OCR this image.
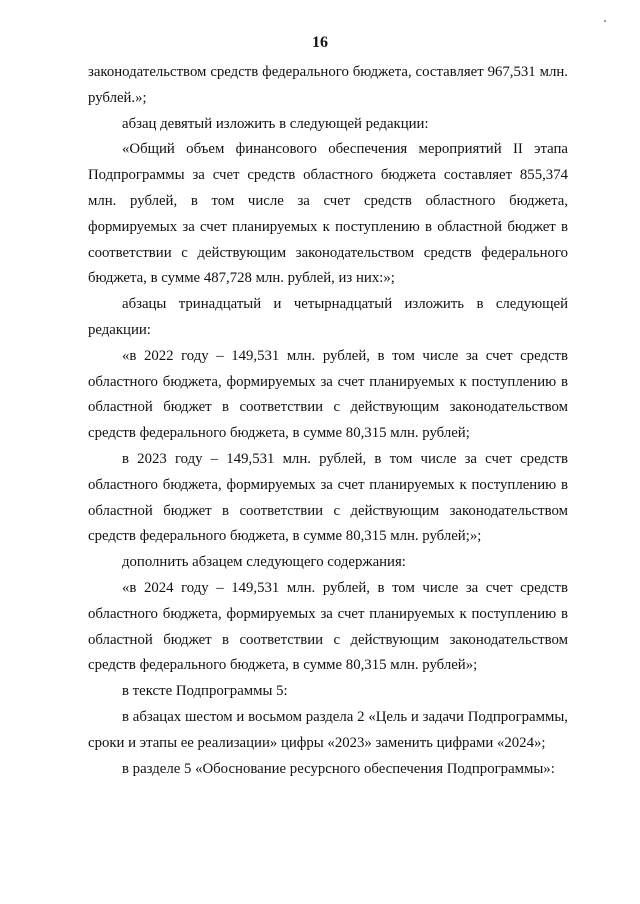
16

законодательством средств федерального бюджета, составляет 967,531 млн. рублей.»;

абзац девятый изложить в следующей редакции:

«Общий объем финансового обеспечения мероприятий II этапа Подпрограммы за счет средств областного бюджета составляет 855,374 млн. рублей, в том числе за счет средств областного бюджета, формируемых за счет планируемых к поступлению в областной бюджет в соответствии с действующим законодательством средств федерального бюджета, в сумме 487,728 млн. рублей, из них:»;

абзацы тринадцатый и четырнадцатый изложить в следующей редакции:

«в 2022 году – 149,531 млн. рублей, в том числе за счет средств областного бюджета, формируемых за счет планируемых к поступлению в областной бюджет в соответствии с действующим законодательством средств федерального бюджета, в сумме 80,315 млн. рублей;

в 2023 году – 149,531 млн. рублей, в том числе за счет средств областного бюджета, формируемых за счет планируемых к поступлению в областной бюджет в соответствии с действующим законодательством средств федерального бюджета, в сумме 80,315 млн. рублей;»;

дополнить абзацем следующего содержания:

«в 2024 году – 149,531 млн. рублей, в том числе за счет средств областного бюджета, формируемых за счет планируемых к поступлению в областной бюджет в соответствии с действующим законодательством средств федерального бюджета, в сумме 80,315 млн. рублей»;

в тексте Подпрограммы 5:

в абзацах шестом и восьмом раздела 2 «Цель и задачи Подпрограммы, сроки и этапы ее реализации» цифры «2023» заменить цифрами «2024»;

в разделе 5 «Обоснование ресурсного обеспечения Подпрограммы»:
